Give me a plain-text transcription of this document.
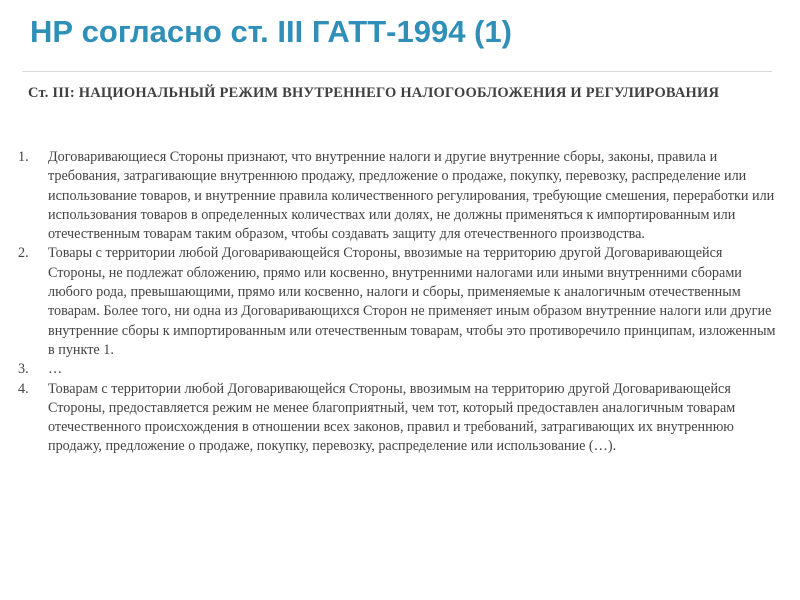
НР согласно ст. III ГАТТ-1994 (1)
Ст. III: НАЦИОНАЛЬНЫЙ РЕЖИМ ВНУТРЕННЕГО НАЛОГООБЛОЖЕНИЯ И РЕГУЛИРОВАНИЯ
1.	Договаривающиеся Стороны признают, что внутренние налоги и другие внутренние сборы, законы, правила и требования, затрагивающие внутреннюю продажу, предложение о продаже, покупку, перевозку, распределение или использование товаров, и внутренние правила количественного регулирования, требующие смешения, переработки или использования товаров в определенных количествах или долях, не должны применяться к импортированным или отечественным товарам таким образом, чтобы создавать защиту для отечественного производства.
2.	Товары с территории любой Договаривающейся Стороны, ввозимые на территорию другой Договаривающейся Стороны, не подлежат обложению, прямо или косвенно, внутренними налогами или иными внутренними сборами любого рода, превышающими, прямо или косвенно, налоги и сборы, применяемые к аналогичным отечественным товарам. Более того, ни одна из Договаривающихся Сторон не применяет иным образом внутренние налоги или другие внутренние сборы к импортированным или отечественным товарам, чтобы это противоречило принципам, изложенным в пункте 1.
3.	…
4.	Товарам с территории любой Договаривающейся Стороны, ввозимым на территорию другой Договаривающейся Стороны, предоставляется режим не менее благоприятный, чем тот, который предоставлен аналогичным товарам отечественного происхождения в отношении всех законов, правил и требований, затрагивающих их внутреннюю продажу, предложение о продаже, покупку, перевозку, распределение или использование (…).
